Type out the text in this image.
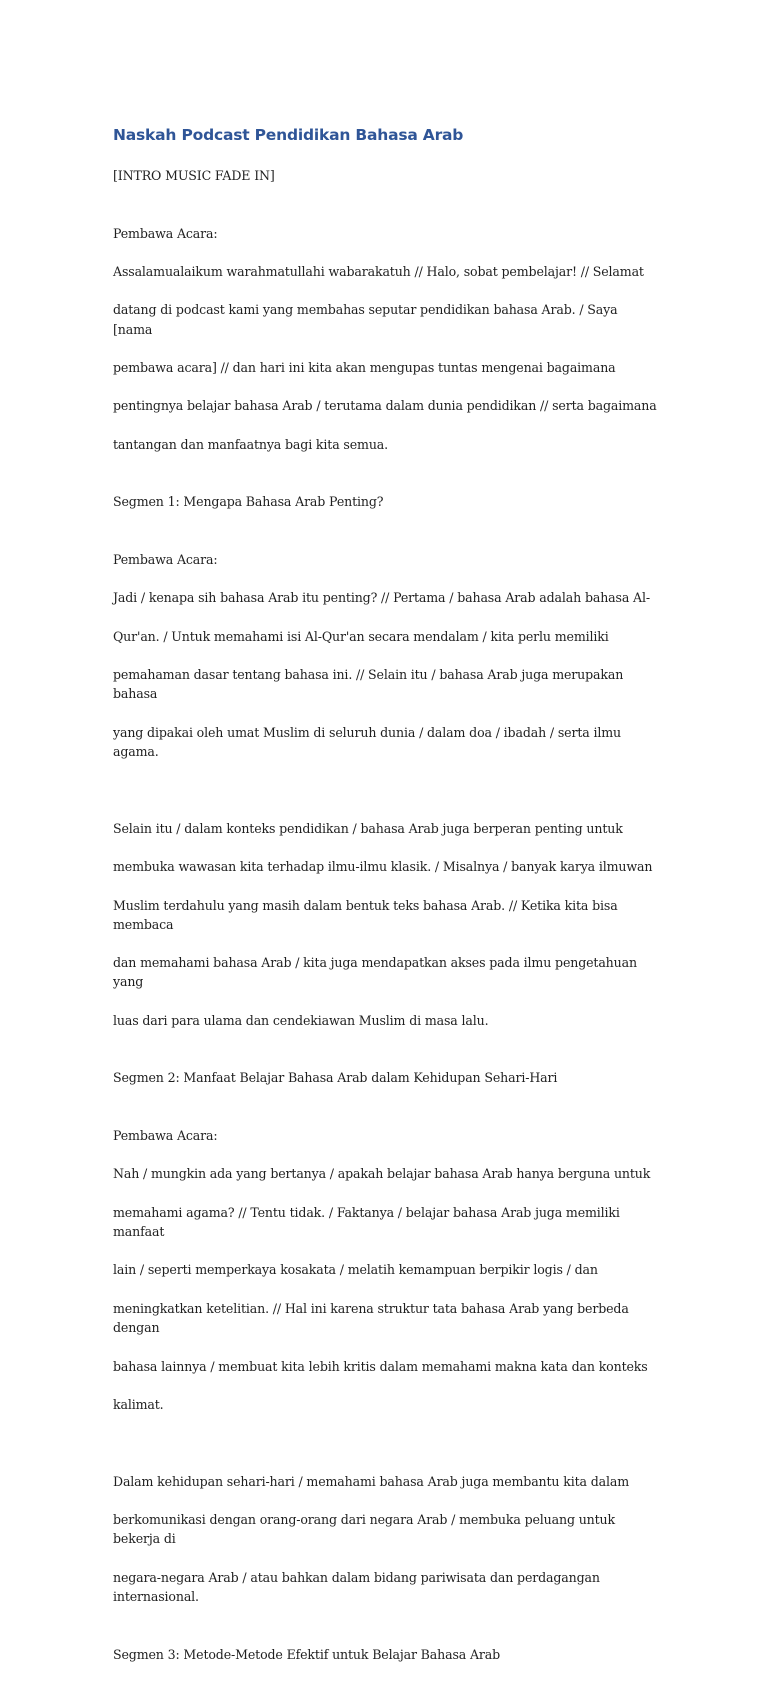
Naskah Podcast Pendidikan Bahasa Arab

[INTRO MUSIC FADE IN]

Pembawa Acara:

Assalamualaikum warahmatullahi wabarakatuh // Halo, sobat pembelajar! // Selamat

datang di podcast kami yang membahas seputar pendidikan bahasa Arab. / Saya [nama

pembawa acara] // dan hari ini kita akan mengupas tuntas mengenai bagaimana

pentingnya belajar bahasa Arab / terutama dalam dunia pendidikan // serta bagaimana

tantangan dan manfaatnya bagi kita semua.

Segmen 1: Mengapa Bahasa Arab Penting?

Pembawa Acara:

Jadi / kenapa sih bahasa Arab itu penting? // Pertama / bahasa Arab adalah bahasa Al-

Qur'an. / Untuk memahami isi Al-Qur'an secara mendalam / kita perlu memiliki

pemahaman dasar tentang bahasa ini. // Selain itu / bahasa Arab juga merupakan bahasa

yang dipakai oleh umat Muslim di seluruh dunia / dalam doa / ibadah / serta ilmu agama.

Selain itu / dalam konteks pendidikan / bahasa Arab juga berperan penting untuk

membuka wawasan kita terhadap ilmu-ilmu klasik. / Misalnya / banyak karya ilmuwan

Muslim terdahulu yang masih dalam bentuk teks bahasa Arab. // Ketika kita bisa membaca

dan memahami bahasa Arab / kita juga mendapatkan akses pada ilmu pengetahuan yang

luas dari para ulama dan cendekiawan Muslim di masa lalu.

Segmen 2: Manfaat Belajar Bahasa Arab dalam Kehidupan Sehari-Hari

Pembawa Acara:

Nah / mungkin ada yang bertanya / apakah belajar bahasa Arab hanya berguna untuk

memahami agama? // Tentu tidak. / Faktanya / belajar bahasa Arab juga memiliki manfaat

lain / seperti memperkaya kosakata / melatih kemampuan berpikir logis / dan

meningkatkan ketelitian. // Hal ini karena struktur tata bahasa Arab yang berbeda dengan

bahasa lainnya / membuat kita lebih kritis dalam memahami makna kata dan konteks

kalimat.

Dalam kehidupan sehari-hari / memahami bahasa Arab juga membantu kita dalam

berkomunikasi dengan orang-orang dari negara Arab / membuka peluang untuk bekerja di

negara-negara Arab / atau bahkan dalam bidang pariwisata dan perdagangan internasional.

Segmen 3: Metode-Metode Efektif untuk Belajar Bahasa Arab
